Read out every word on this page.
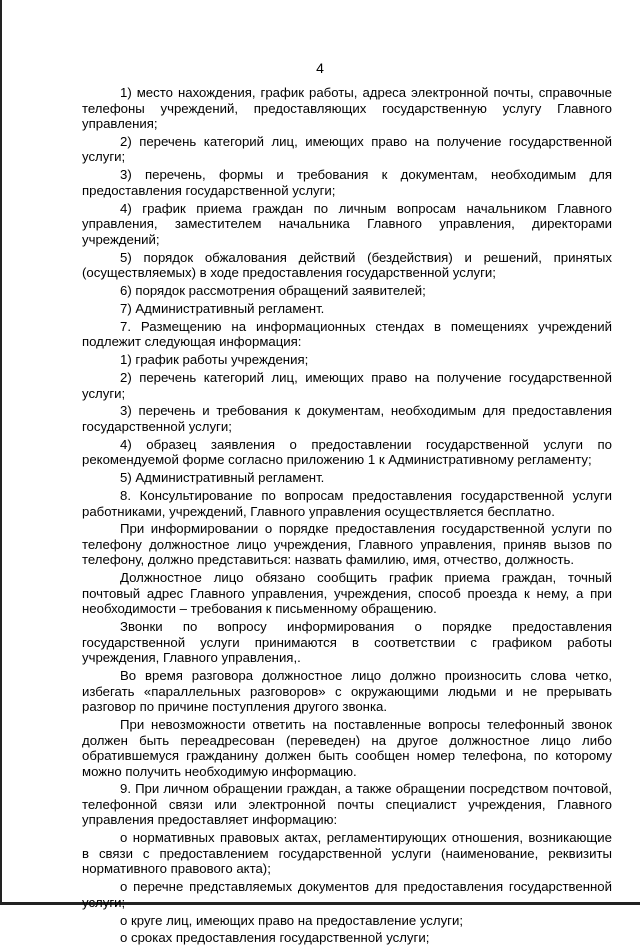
4

1) место нахождения, график работы, адреса электронной почты, справочные телефоны учреждений, предоставляющих государственную услугу Главного управления;

2) перечень категорий лиц, имеющих право на получение государственной услуги;

3) перечень, формы и требования к документам, необходимым для предоставления государственной услуги;

4) график приема граждан по личным вопросам начальником Главного управления, заместителем начальника Главного управления, директорами учреждений;

5) порядок обжалования действий (бездействия) и решений, принятых (осуществляемых) в ходе предоставления государственной услуги;

6) порядок рассмотрения обращений заявителей;

7) Административный регламент.

7. Размещению на информационных стендах в помещениях учреждений подлежит следующая информация:

1) график работы учреждения;

2) перечень категорий лиц, имеющих право на получение государственной услуги;

3) перечень и требования к документам, необходимым для предоставления государственной услуги;

4) образец заявления о предоставлении государственной услуги по рекомендуемой форме согласно приложению 1 к Административному регламенту;

5) Административный регламент.

8. Консультирование по вопросам предоставления государственной услуги работниками, учреждений, Главного управления осуществляется бесплатно.

При информировании о порядке предоставления государственной услуги по телефону должностное лицо учреждения, Главного управления, приняв вызов по телефону, должно представиться: назвать фамилию, имя, отчество, должность.

Должностное лицо обязано сообщить график приема граждан, точный почтовый адрес Главного управления, учреждения, способ проезда к нему, а при необходимости – требования к письменному обращению.

Звонки по вопросу информирования о порядке предоставления государственной услуги принимаются в соответствии с графиком работы учреждения, Главного управления,.

Во время разговора должностное лицо должно произносить слова четко, избегать «параллельных разговоров» с окружающими людьми и не прерывать разговор по причине поступления другого звонка.

При невозможности ответить на поставленные вопросы телефонный звонок должен быть переадресован (переведен) на другое должностное лицо либо обратившемуся гражданину должен быть сообщен номер телефона, по которому можно получить необходимую информацию.

9. При личном обращении граждан, а также обращении посредством почтовой, телефонной связи или электронной почты специалист учреждения, Главного управления предоставляет информацию:

о нормативных правовых актах, регламентирующих отношения, возникающие в связи с предоставлением государственной услуги (наименование, реквизиты нормативного правового акта);

о перечне представляемых документов для предоставления государственной услуги;

о круге лиц, имеющих право на предоставление услуги;

о сроках предоставления государственной услуги;
